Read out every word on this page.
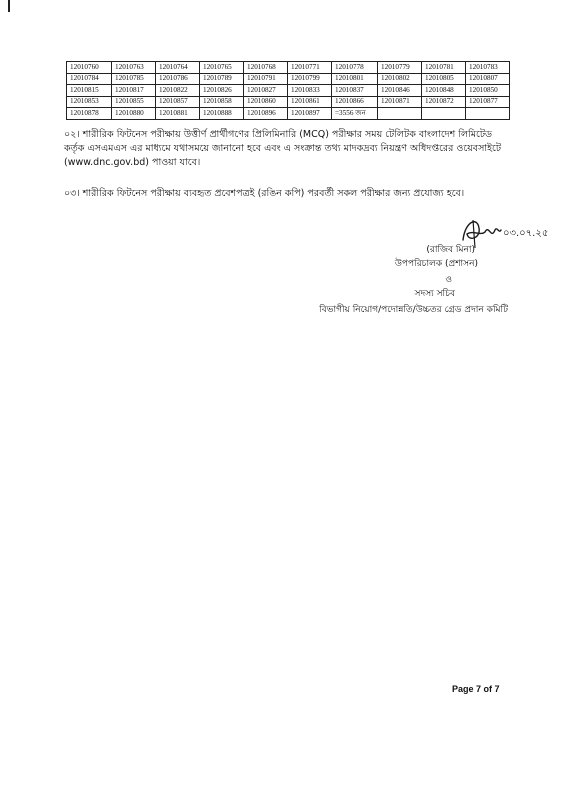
12010760	12010763	12010764	12010765	12010768	12010771	12010778	12010779	12010781	12010783
12010784	12010785	12010786	12010789	12010791	12010799	12010801	12010802	12010805	12010807
12010815	12010817	12010822	12010826	12010827	12010833	12010837	12010846	12010848	12010850
12010853	12010855	12010857	12010858	12010860	12010861	12010866	12010871	12010872	12010877
12010878	12010880	12010881	12010888	12010896	12010897	=3556 জন			

০২। শারীরিক ফিটনেস পরীক্ষায় উত্তীর্ণ প্রার্থীগণের প্রিলিমিনারি (MCQ) পরীক্ষার সময় টেলিটক বাংলাদেশ লিমিটেড
কর্তৃক এসএমএস এর মাধ্যমে যথাসময়ে জানানো হবে এবং এ সংক্রান্ত তথ্য মাদকদ্রব্য নিয়ন্ত্রণ অধিদপ্তরের ওয়েবসাইটে
(www.dnc.gov.bd) পাওয়া যাবে।

০৩। শারীরিক ফিটনেস পরীক্ষায় ব্যবহৃত প্রবেশপত্রই (রঙিন কপি) পরবর্তী সকল পরীক্ষার জন্য প্রযোজ্য হবে।

০৩.০৭.২৫
(রাজিব মিনা)
উপপরিচালক (প্রশাসন)
ও
সদস্য সচিব
বিভাগীয় নিয়োগ/পদোন্নতি/উচ্চতর গ্রেড প্রদান কমিটি
Page 7 of 7
